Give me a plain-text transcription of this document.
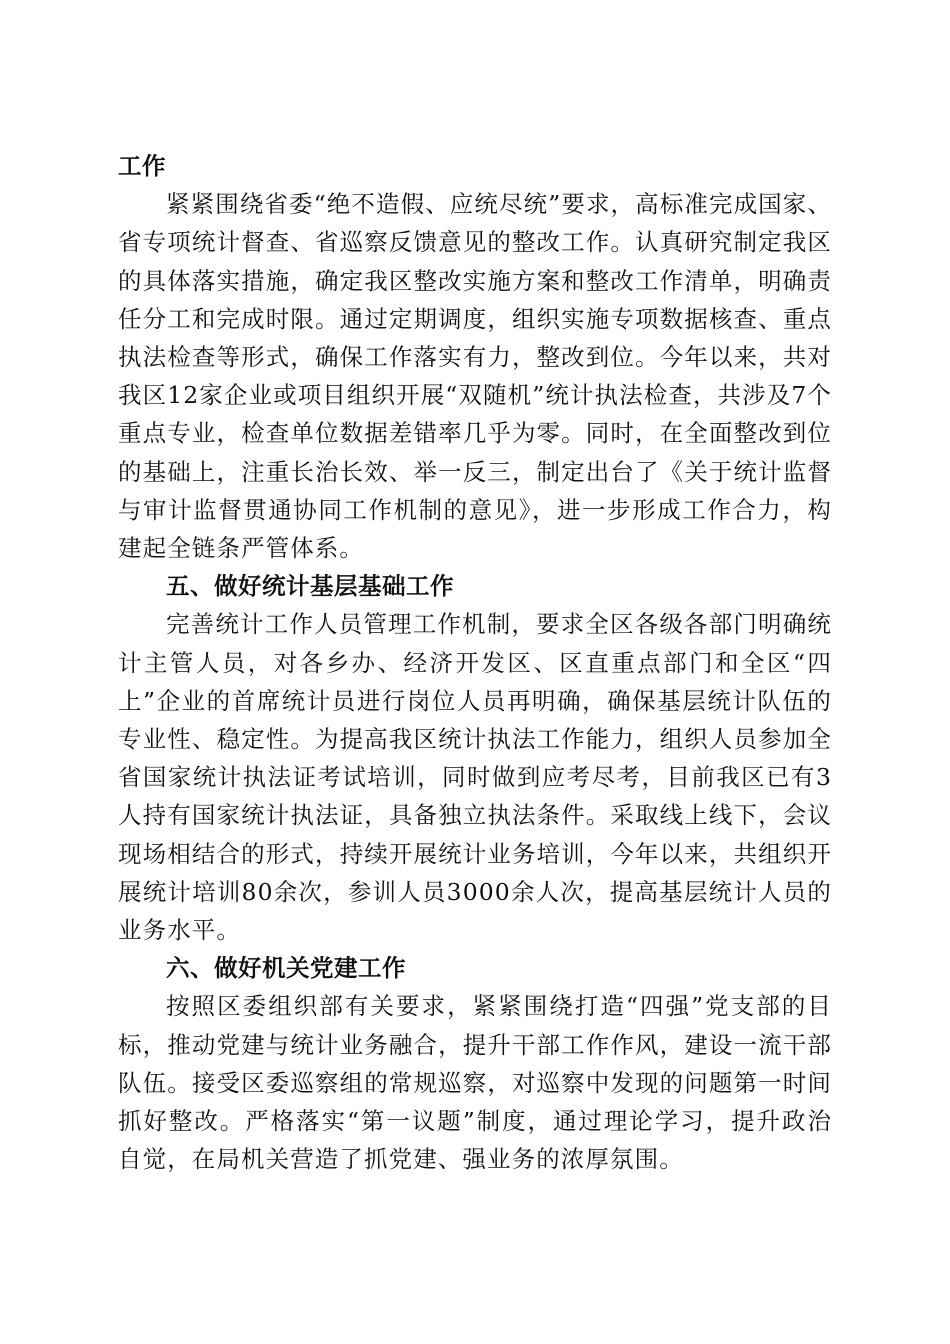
工作

紧紧围绕省委“绝不造假、应统尽统”要求，高标准完成国家、省专项统计督查、省巡察反馈意见的整改工作。认真研究制定我区的具体落实措施，确定我区整改实施方案和整改工作清单，明确责任分工和完成时限。通过定期调度，组织实施专项数据核查、重点执法检查等形式，确保工作落实有力，整改到位。今年以来，共对我区12家企业或项目组织开展“双随机”统计执法检查，共涉及7个重点专业，检查单位数据差错率几乎为零。同时，在全面整改到位的基础上，注重长治长效、举一反三，制定出台了《关于统计监督与审计监督贯通协同工作机制的意见》，进一步形成工作合力，构建起全链条严管体系。

五、做好统计基层基础工作

完善统计工作人员管理工作机制，要求全区各级各部门明确统计主管人员，对各乡办、经济开发区、区直重点部门和全区“四上”企业的首席统计员进行岗位人员再明确，确保基层统计队伍的专业性、稳定性。为提高我区统计执法工作能力，组织人员参加全省国家统计执法证考试培训，同时做到应考尽考，目前我区已有3人持有国家统计执法证，具备独立执法条件。采取线上线下，会议现场相结合的形式，持续开展统计业务培训，今年以来，共组织开展统计培训80余次，参训人员3000余人次，提高基层统计人员的业务水平。

六、做好机关党建工作

按照区委组织部有关要求，紧紧围绕打造“四强”党支部的目标，推动党建与统计业务融合，提升干部工作作风，建设一流干部队伍。接受区委巡察组的常规巡察，对巡察中发现的问题第一时间抓好整改。严格落实“第一议题”制度，通过理论学习，提升政治自觉，在局机关营造了抓党建、强业务的浓厚氛围。
